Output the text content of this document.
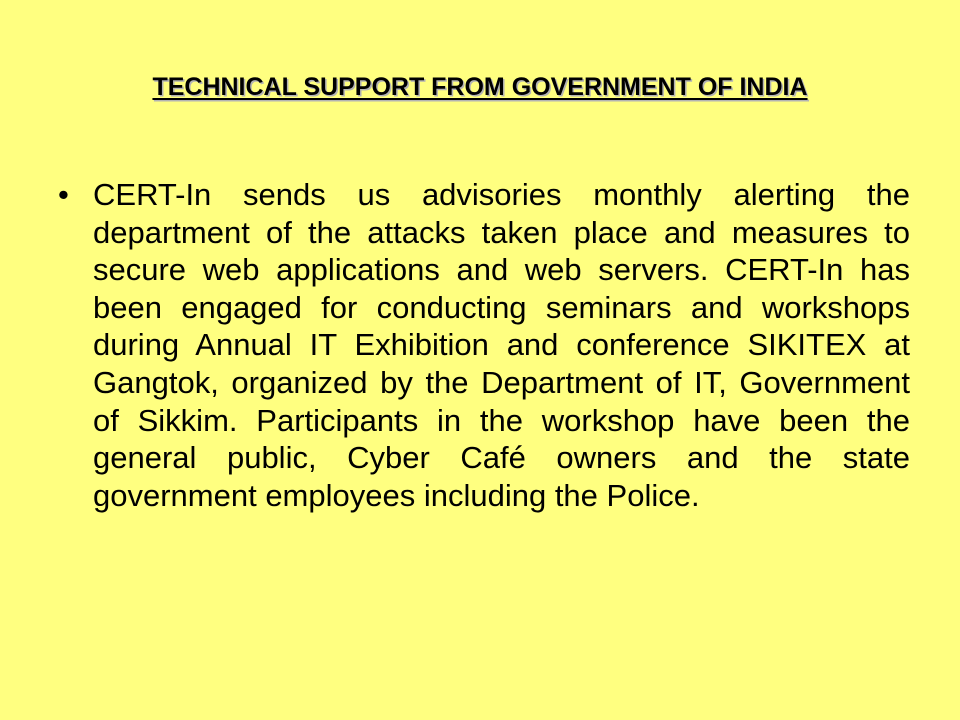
TECHNICAL SUPPORT FROM GOVERNMENT OF INDIA
• CERT-In sends us advisories monthly alerting the department of the attacks taken place and measures to secure web applications and web servers. CERT-In has been engaged for conducting seminars and workshops during Annual IT Exhibition and conference SIKITEX at Gangtok, organized by the Department of IT, Government of Sikkim. Participants in the workshop have been the general public, Cyber Café owners and the state government employees including the Police.
